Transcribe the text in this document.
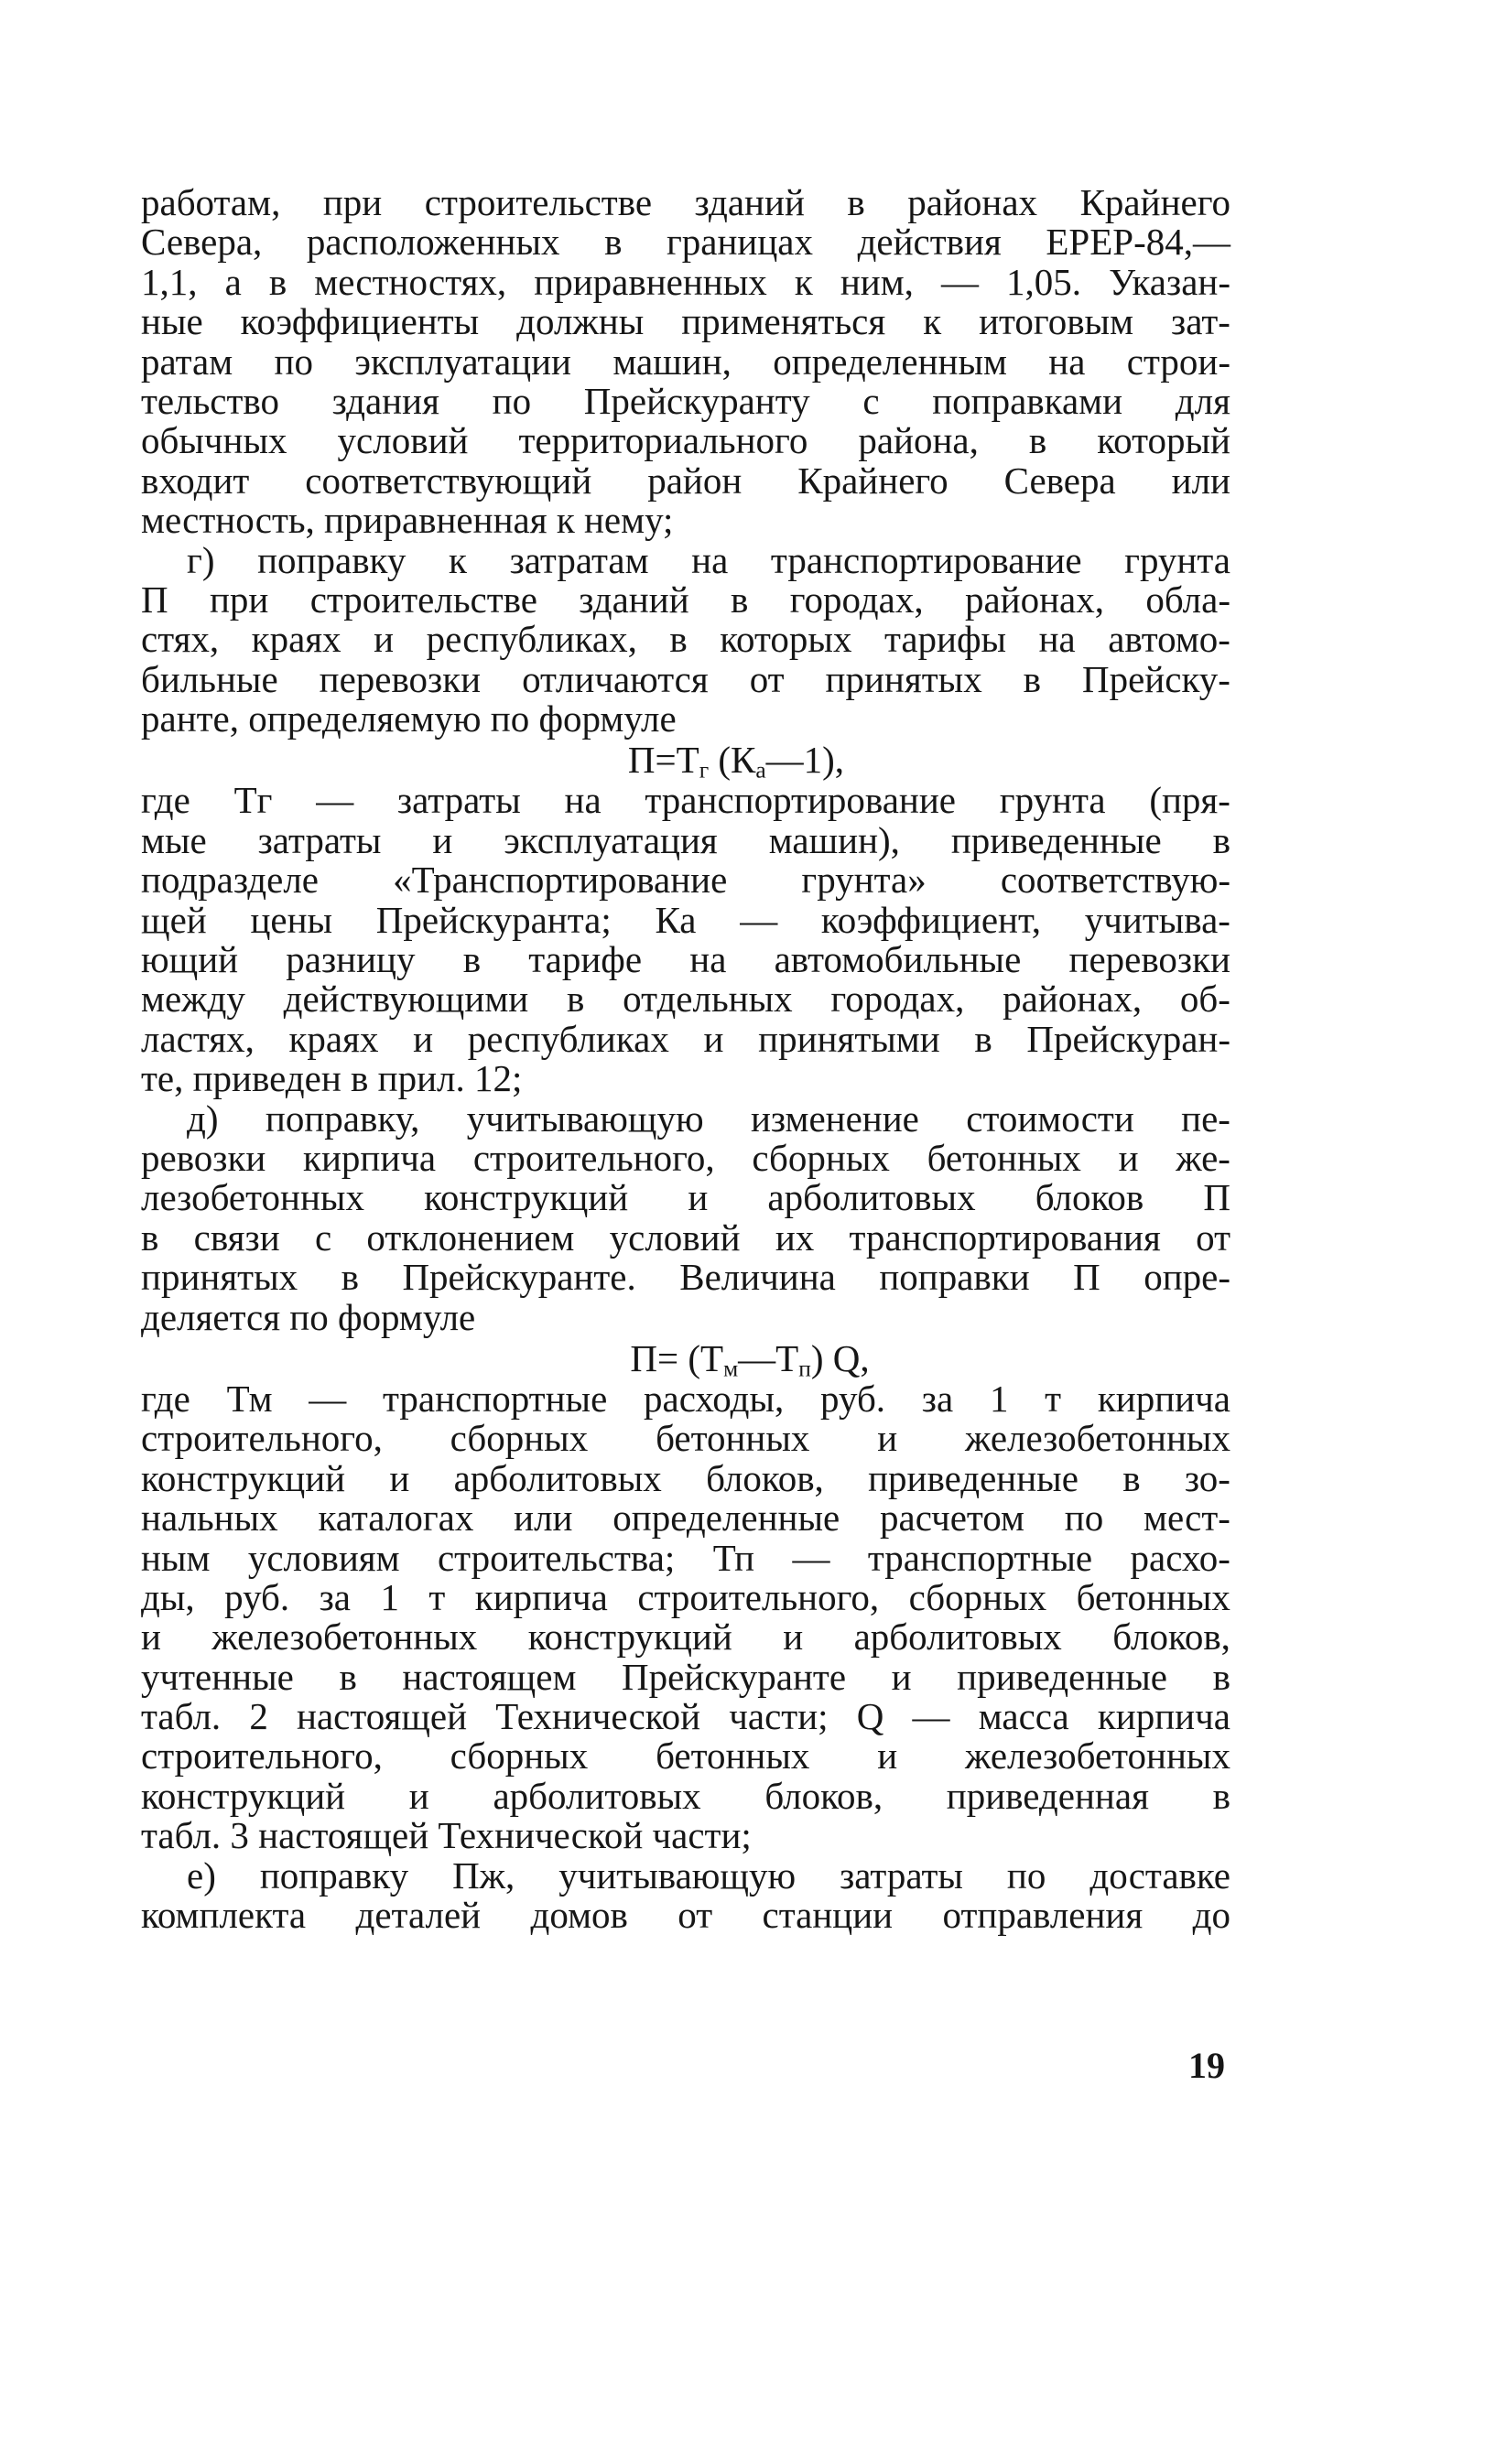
работам, при строительстве зданий в районах Крайнего
Севера, расположенных в границах действия ЕРЕР-84,—
1,1, а в местностях, приравненных к ним, — 1,05. Указан-
ные коэффициенты должны применяться к итоговым зат-
ратам по эксплуатации машин, определенным на строи-
тельство здания по Прейскуранту с поправками для
обычных условий территориального района, в который
входит соответствующий район Крайнего Севера или
местность, приравненная к нему;
г) поправку к затратам на транспортирование грунта
П при строительстве зданий в городах, районах, обла-
стях, краях и республиках, в которых тарифы на автомо-
бильные перевозки отличаются от принятых в Прейску-
ранте, определяемую по формуле
$П=Т_г$ $(К_а—1)$,
где Тг — затраты на транспортирование грунта (пря-
мые затраты и эксплуатация машин), приведенные в
подразделе «Транспортирование грунта» соответствую-
щей цены Прейскуранта; Ка — коэффициент, учитыва-
ющий разницу в тарифе на автомобильные перевозки
между действующими в отдельных городах, районах, об-
ластях, краях и республиках и принятыми в Прейскуран-
те, приведен в прил. 12;
д) поправку, учитывающую изменение стоимости пе-
ревозки кирпича строительного, сборных бетонных и же-
лезобетонных конструкций и арболитовых блоков П
в связи с отклонением условий их транспортирования от
принятых в Прейскуранте. Величина поправки П опре-
деляется по формуле
$П= (Т_м—Т_п)$ Q,
где Тм — транспортные расходы, руб. за 1 т кирпича
строительного, сборных бетонных и железобетонных
конструкций и арболитовых блоков, приведенные в зо-
нальных каталогах или определенные расчетом по мест-
ным условиям строительства; Тп — транспортные расхо-
ды, руб. за 1 т кирпича строительного, сборных бетонных
и железобетонных конструкций и арболитовых блоков,
учтенные в настоящем Прейскуранте и приведенные в
табл. 2 настоящей Технической части; Q — масса кирпича
строительного, сборных бетонных и железобетонных
конструкций и арболитовых блоков, приведенная в
табл. 3 настоящей Технической части;
е) поправку Пж, учитывающую затраты по доставке
комплекта деталей домов от станции отправления до
19
